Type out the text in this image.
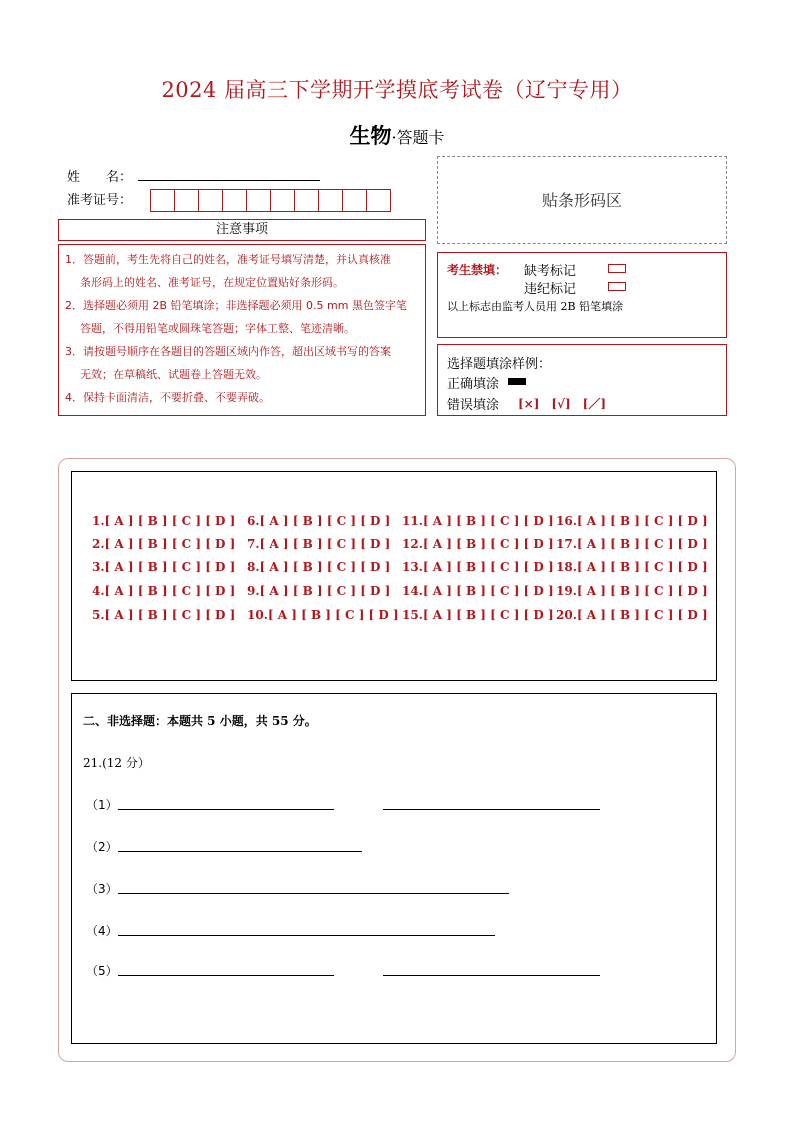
2024 届高三下学期开学摸底考试卷（辽宁专用）
生物·答题卡
姓　　名：
准考证号：	贴条形码区
注意事项
1．答题前，考生先将自己的姓名，准考证号填写清楚，并认真核准
条形码上的姓名、准考证号，在规定位置贴好条形码。
2．选择题必须用 2B 铅笔填涂；非选择题必须用 0.5 mm 黑色签字笔
答题，不得用铅笔或圆珠笔答题；字体工整、笔迹清晰。
3．请按题号顺序在各题目的答题区域内作答，超出区域书写的答案
无效；在草稿纸、试题卷上答题无效。
4．保持卡面清洁，不要折叠、不要弄破。
考生禁填： 缺考标记
违纪标记
以上标志由监考人员用 2B 铅笔填涂
选择题填涂样例：
正确填涂
错误填涂 [×]　[√]　[／]
1.[ A ] [ B ] [ C ] [ D ]
2.[ A ] [ B ] [ C ] [ D ]
3.[ A ] [ B ] [ C ] [ D ]
4.[ A ] [ B ] [ C ] [ D ]
5.[ A ] [ B ] [ C ] [ D ]
6.[ A ] [ B ] [ C ] [ D ]
7.[ A ] [ B ] [ C ] [ D ]
8.[ A ] [ B ] [ C ] [ D ]
9.[ A ] [ B ] [ C ] [ D ]
10.[ A ] [ B ] [ C ] [ D ]
11.[ A ] [ B ] [ C ] [ D ]
12.[ A ] [ B ] [ C ] [ D ]
13.[ A ] [ B ] [ C ] [ D ]
14.[ A ] [ B ] [ C ] [ D ]
15.[ A ] [ B ] [ C ] [ D ]
16.[ A ] [ B ] [ C ] [ D ]
17.[ A ] [ B ] [ C ] [ D ]
18.[ A ] [ B ] [ C ] [ D ]
19.[ A ] [ B ] [ C ] [ D ]
20.[ A ] [ B ] [ C ] [ D ]
二、非选择题：本题共 5 小题，共 55 分。
21.(12 分）
（1）
（2）
（3）
（4）
（5）
